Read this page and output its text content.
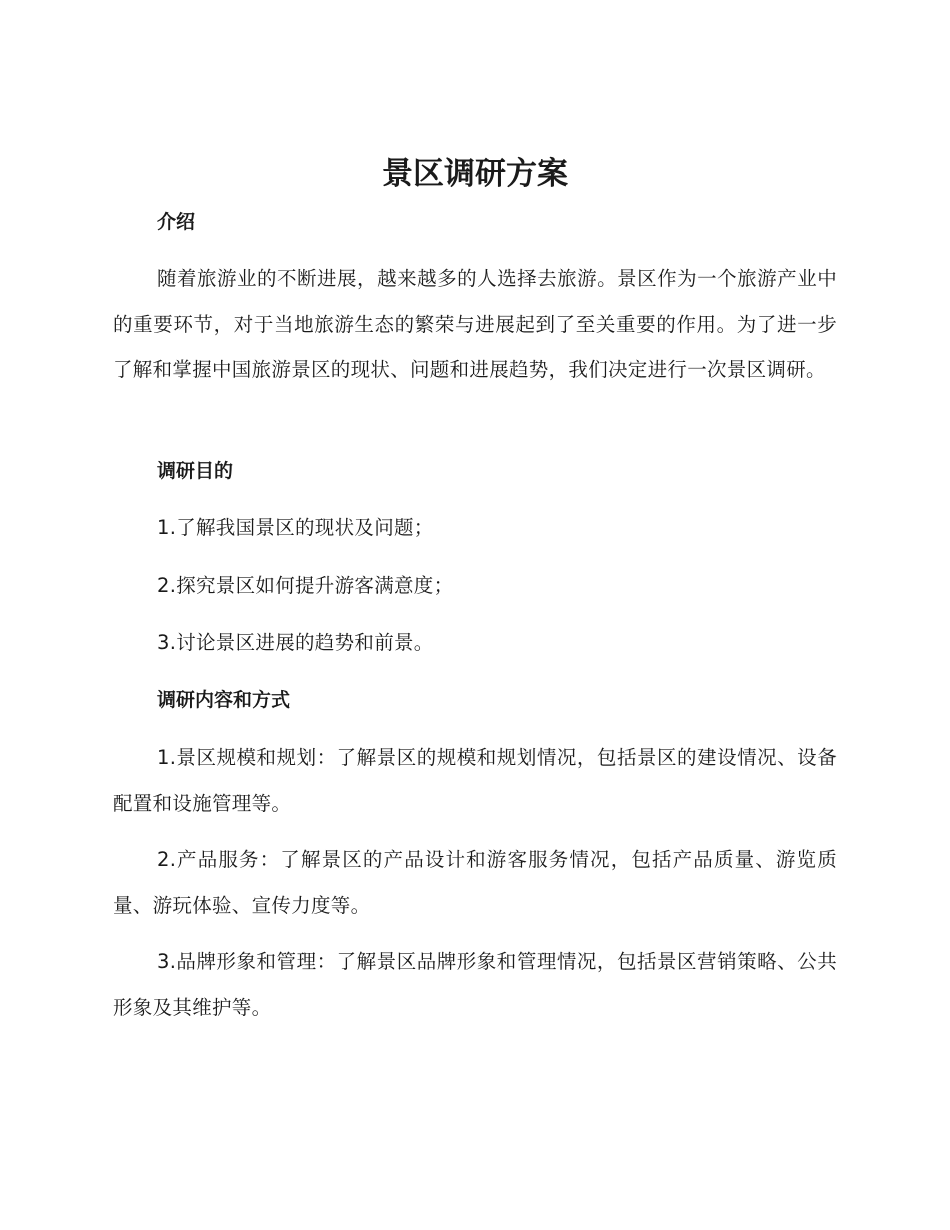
景区调研方案
介绍

随着旅游业的不断进展，越来越多的人选择去旅游。景区作为一个旅游产业中的重要环节，对于当地旅游生态的繁荣与进展起到了至关重要的作用。为了进一步了解和掌握中国旅游景区的现状、问题和进展趋势，我们决定进行一次景区调研。

调研目的

1.了解我国景区的现状及问题；

2.探究景区如何提升游客满意度；

3.讨论景区进展的趋势和前景。

调研内容和方式

1.景区规模和规划：了解景区的规模和规划情况，包括景区的建设情况、设备配置和设施管理等。

2.产品服务：了解景区的产品设计和游客服务情况，包括产品质量、游览质量、游玩体验、宣传力度等。

3.品牌形象和管理：了解景区品牌形象和管理情况，包括景区营销策略、公共形象及其维护等。
